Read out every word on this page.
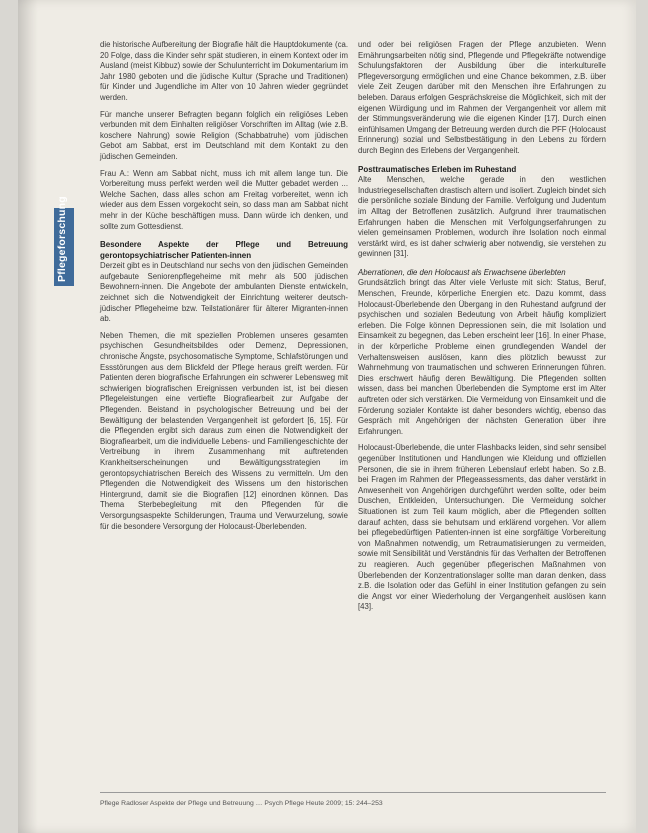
Pflegeforschung

die historische Aufbereitung der Biografie hält die Hauptdokumente (ca. 20 Folge, dass die Kinder sehr spät studieren, in einem Kontext oder im Ausland (meist Kibbuz) sowie der Schulunterricht im Dokumentarium im Jahr 1980 geboten und die jüdische Kultur (Sprache und Traditionen) für Kinder und Jugendliche im Alter von 10 Jahren wieder gegründet werden.

Für manche unserer Befragten begann folglich ein religiöses Leben verbunden mit dem Einhalten religiöser Vorschriften im Alltag (wie z.B. koschere Nahrung) sowie Religion (Schabbatruhe) vom jüdischen Gebot am Sabbat, erst im Deutschland mit dem Kontakt zu den jüdischen Gemeinden.

Frau A.: Wenn am Sabbat nicht, muss ich mit allem lange tun. Die Vorbereitung muss perfekt werden weil die Mutter gebadet werden ... Welche Sachen, dass alles schon am Freitag vorbereitet, wenn ich wieder aus dem Essen vorgekocht sein, so dass man am Sabbat nicht mehr in der Küche beschäftigen muss. Dann würde ich denken, und sollte zum Gottesdienst.

Besondere Aspekte der Pflege und Betreuung gerontopsychiatrischer Patienten-innen

Derzeit gibt es in Deutschland nur sechs von den jüdischen Gemeinden aufgebaute Seniorenpflegeheime mit mehr als 500 jüdischen Bewohnern-innen. Die Angebote der ambulanten Dienste entwickeln, zeichnet sich die Notwendigkeit der Einrichtung weiterer deutsch-jüdischer Pflegeheime bzw. Teilstationärer für älterer Migranten-innen ab.

Neben Themen, die mit speziellen Problemen unseres gesamten psychischen Gesundheitsbildes oder Demenz, Depressionen, chronische Ängste, psychosomatische Symptome, Schlafstörungen und Essstörungen aus dem Blickfeld der Pflege heraus greift werden. Für Patienten deren biografische Erfahrungen ein schwerer Lebensweg mit schwierigen biografischen Ereignissen verbunden ist, ist bei diesen Pflegeleistungen eine vertiefte Biografiearbeit zur Aufgabe der Pflegenden. Beistand in psychologischer Betreuung und bei der Bewältigung der belastenden Vergangenheit ist gefordert [6, 15]. Für die Pflegenden ergibt sich daraus zum einen die Notwendigkeit der Biografiearbeit, um die individuelle Lebens- und Familiengeschichte der Vertreibung in ihrem Zusammenhang mit auftretenden Krankheitserscheinungen und Bewältigungsstrategien im gerontopsychiatrischen Bereich des Wissens zu vermitteln. Um den Pflegenden die Notwendigkeit des Wissens um den historischen Hintergrund, damit sie die Biografien [12] einordnen können. Das Thema Sterbebegleitung mit den Pflegenden für die Versorgungsaspekte Schilderungen, Trauma und Verwurzelung, sowie für die besondere Versorgung der Holocaust-Überlebenden.

und oder bei religiösen Fragen der Pflege anzubieten. Wenn Ernährungsarbeiten nötig sind, Pflegende und Pflegekräfte notwendige Schulungsfaktoren der Ausbildung über die interkulturelle Pflegeversorgung ermöglichen und eine Chance bekommen, z.B. über viele Zeit Zeugen darüber mit den Menschen ihre Erfahrungen zu beleben. Daraus erfolgen Gesprächskreise die Möglichkeit, sich mit der eigenen Würdigung und im Rahmen der Vergangenheit vor allem mit der Stimmungsveränderung wie die eigenen Kinder [17]. Durch einen einfühlsamen Umgang der Betreuung werden durch die PFF (Holocaust Erinnerung) sozial und Selbstbestätigung in den Lebens zu fördern durch Beginn des Erlebens der Vergangenheit.

Posttraumatisches Erleben im Ruhestand

Alte Menschen, welche gerade in den westlichen Industriegesellschaften drastisch altern und isoliert. Zugleich bindet sich die persönliche soziale Bindung der Familie. Verfolgung und Judentum im Alltag der Betroffenen zusätzlich. Aufgrund ihrer traumatischen Erfahrungen haben die Menschen mit Verfolgungserfahrungen zu vielen gemeinsamen Problemen, wodurch ihre Isolation noch einmal verstärkt wird, es ist daher schwierig aber notwendig, sie verstehen zu gewinnen [31].

Aberrationen, die den Holocaust als Erwachsene überlebten

Grundsätzlich bringt das Alter viele Verluste mit sich: Status, Beruf, Menschen, Freunde, körperliche Energien etc. Dazu kommt, dass Holocaust-Überlebende den Übergang in den Ruhestand aufgrund der psychischen und sozialen Bedeutung von Arbeit häufig kompliziert erleben. Die Folge können Depressionen sein, die mit Isolation und Einsamkeit zu begegnen, das Leben erscheint leer [16]. In einer Phase, in der körperliche Probleme einen grundlegenden Wandel der Verhaltensweisen auslösen, kann dies plötzlich bewusst zur Wahrnehmung von traumatischen und schweren Erinnerungen führen. Dies erschwert häufig deren Bewältigung. Die Pflegenden sollten wissen, dass bei manchen Überlebenden die Symptome erst im Alter auftreten oder sich verstärken. Die Vermeidung von Einsamkeit und die Förderung sozialer Kontakte ist daher besonders wichtig, ebenso das Gespräch mit Angehörigen der nächsten Generation über ihre Erfahrungen.

Holocaust-Überlebende, die unter Flashbacks leiden, sind sehr sensibel gegenüber Institutionen und Handlungen wie Kleidung und offiziellen Personen, die sie in ihrem früheren Lebenslauf erlebt haben. So z.B. bei Fragen im Rahmen der Pflegeassessments, das daher verstärkt in Anwesenheit von Angehörigen durchgeführt werden sollte, oder beim Duschen, Entkleiden, Untersuchungen. Die Vermeidung solcher Situationen ist zum Teil kaum möglich, aber die Pflegenden sollten darauf achten, dass sie behutsam und erklärend vorgehen. Vor allem bei pflegebedürftigen Patienten-innen ist eine sorgfältige Vorbereitung von Maßnahmen notwendig, um Retraumatisierungen zu vermeiden, sowie mit Sensibilität und Verständnis für das Verhalten der Betroffenen zu reagieren. Auch gegenüber pflegerischen Maßnahmen von Überlebenden der Konzentrationslager sollte man daran denken, dass z.B. die Isolation oder das Gefühl in einer Institution gefangen zu sein die Angst vor einer Wiederholung der Vergangenheit auslösen kann [43].

Pflege Radloser Aspekte der Pflege und Betreuung … Psych Pflege Heute 2009; 15: 244–253
